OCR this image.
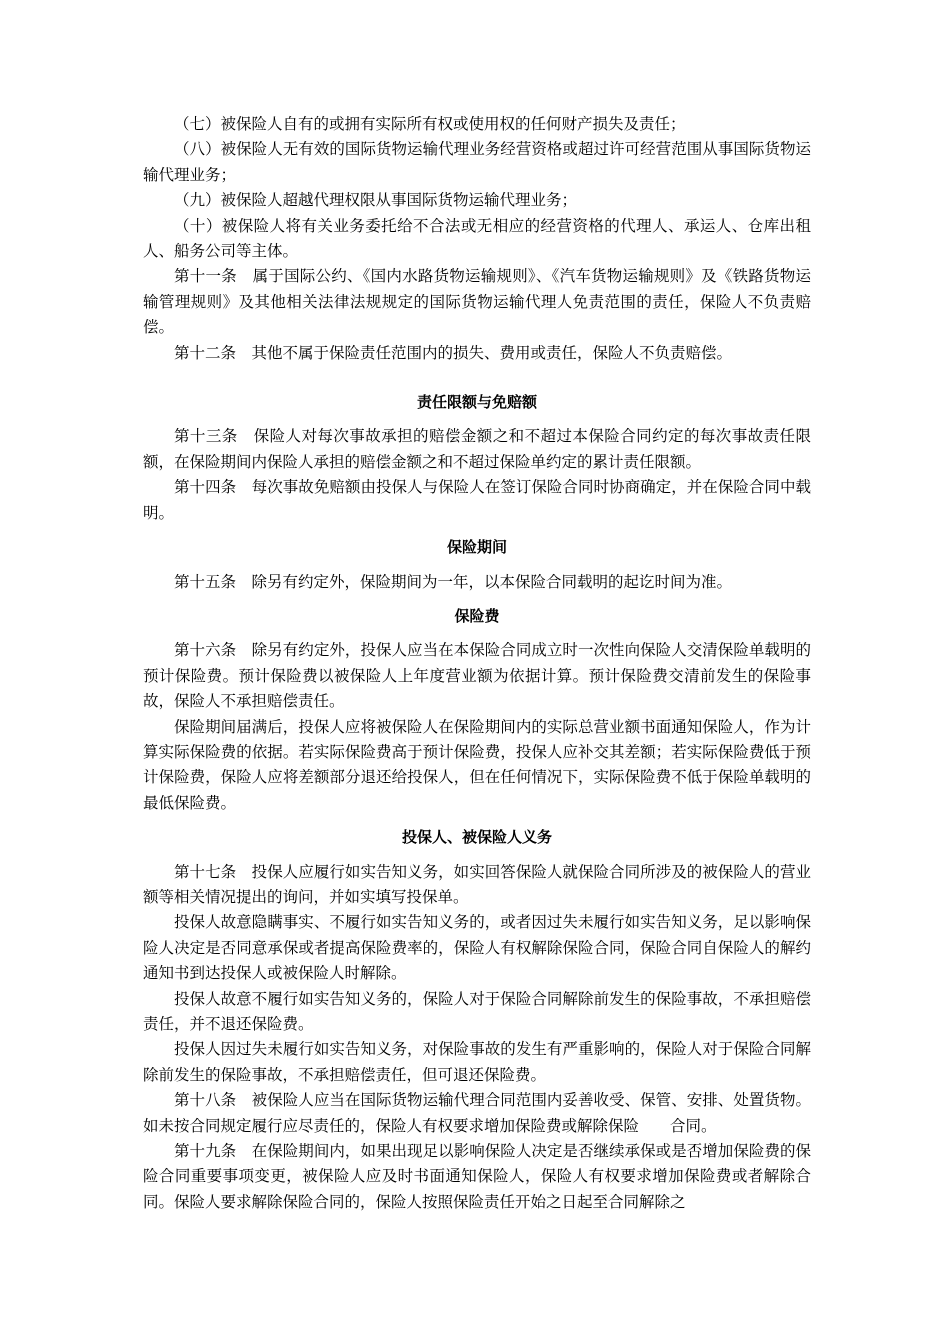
（七）被保险人自有的或拥有实际所有权或使用权的任何财产损失及责任；

（八）被保险人无有效的国际货物运输代理业务经营资格或超过许可经营范围从事国际货物运输代理业务；

（九）被保险人超越代理权限从事国际货物运输代理业务；

（十）被保险人将有关业务委托给不合法或无相应的经营资格的代理人、承运人、仓库出租人、船务公司等主体。

第十一条　属于国际公约、《国内水路货物运输规则》、《汽车货物运输规则》及《铁路货物运输管理规则》及其他相关法律法规规定的国际货物运输代理人免责范围的责任，保险人不负责赔偿。

第十二条　其他不属于保险责任范围内的损失、费用或责任，保险人不负责赔偿。

责任限额与免赔额

第十三条　保险人对每次事故承担的赔偿金额之和不超过本保险合同约定的每次事故责任限额，在保险期间内保险人承担的赔偿金额之和不超过保险单约定的累计责任限额。

第十四条　每次事故免赔额由投保人与保险人在签订保险合同时协商确定，并在保险合同中载明。

保险期间

第十五条　除另有约定外，保险期间为一年，以本保险合同载明的起讫时间为准。

保险费

第十六条　除另有约定外，投保人应当在本保险合同成立时一次性向保险人交清保险单载明的预计保险费。预计保险费以被保险人上年度营业额为依据计算。预计保险费交清前发生的保险事故，保险人不承担赔偿责任。

保险期间届满后，投保人应将被保险人在保险期间内的实际总营业额书面通知保险人，作为计算实际保险费的依据。若实际保险费高于预计保险费，投保人应补交其差额；若实际保险费低于预计保险费，保险人应将差额部分退还给投保人，但在任何情况下，实际保险费不低于保险单载明的最低保险费。

投保人、被保险人义务

第十七条　投保人应履行如实告知义务，如实回答保险人就保险合同所涉及的被保险人的营业额等相关情况提出的询问，并如实填写投保单。

投保人故意隐瞒事实、不履行如实告知义务的，或者因过失未履行如实告知义务，足以影响保险人决定是否同意承保或者提高保险费率的，保险人有权解除保险合同，保险合同自保险人的解约通知书到达投保人或被保险人时解除。

投保人故意不履行如实告知义务的，保险人对于保险合同解除前发生的保险事故，不承担赔偿责任，并不退还保险费。

投保人因过失未履行如实告知义务，对保险事故的发生有严重影响的，保险人对于保险合同解除前发生的保险事故，不承担赔偿责任，但可退还保险费。

第十八条　被保险人应当在国际货物运输代理合同范围内妥善收受、保管、安排、处置货物。如未按合同规定履行应尽责任的，保险人有权要求增加保险费或解除保险　　合同。

第十九条　在保险期间内，如果出现足以影响保险人决定是否继续承保或是否增加保险费的保险合同重要事项变更，被保险人应及时书面通知保险人，保险人有权要求增加保险费或者解除合同。保险人要求解除保险合同的，保险人按照保险责任开始之日起至合同解除之
